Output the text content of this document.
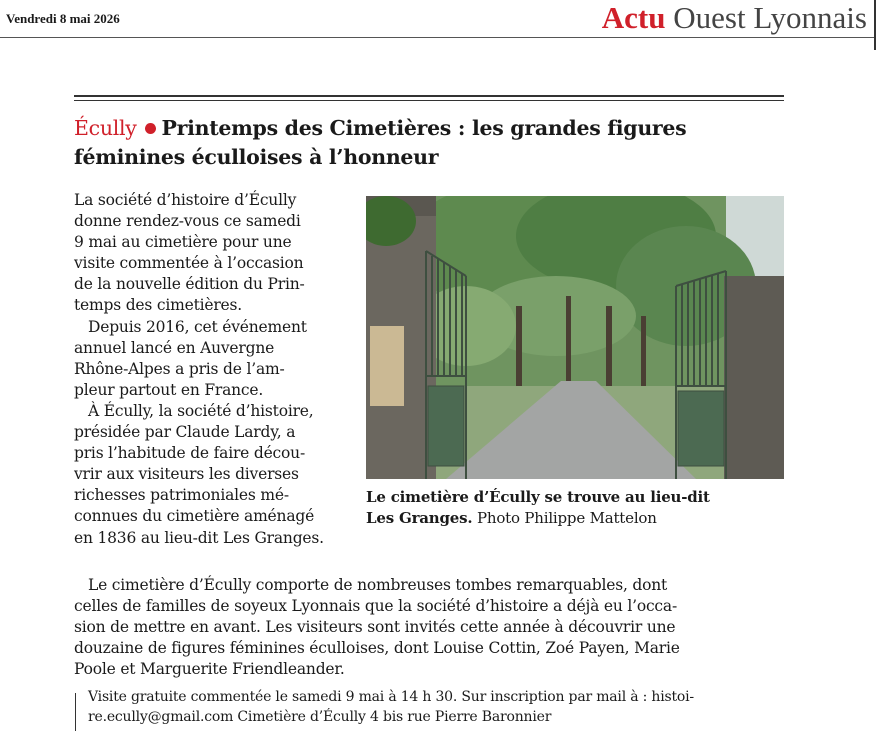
Vendredi 8 mai 2026	Actu Ouest Lyonnais
Écully Printemps des Cimetières : les grandes figures
féminines éculloises à l’honneur
La société d’histoire d’Écully
donne rendez-vous ce samedi
9 mai au cimetière pour une
visite commentée à l’occasion
de la nouvelle édition du Prin-
temps des cimetières.
Depuis 2016, cet événement
annuel lancé en Auvergne
Rhône-Alpes a pris de l’am-
pleur partout en France.
À Écully, la société d’histoire,
présidée par Claude Lardy, a
pris l’habitude de faire décou-
vrir aux visiteurs les diverses
richesses patrimoniales mé-
connues du cimetière aménagé
en 1836 au lieu-dit Les Granges.
Le cimetière d’Écully se trouve au lieu-dit
Les Granges. Photo Philippe Mattelon
Le cimetière d’Écully comporte de nombreuses tombes remarquables, dont
celles de familles de soyeux Lyonnais que la société d’histoire a déjà eu l’occa-
sion de mettre en avant. Les visiteurs sont invités cette année à découvrir une
douzaine de figures féminines éculloises, dont Louise Cottin, Zoé Payen, Marie
Poole et Marguerite Friendleander.
Visite gratuite commentée le samedi 9 mai à 14 h 30. Sur inscription par mail à : histoi-
re.ecully@gmail.com Cimetière d’Écully 4 bis rue Pierre Baronnier
